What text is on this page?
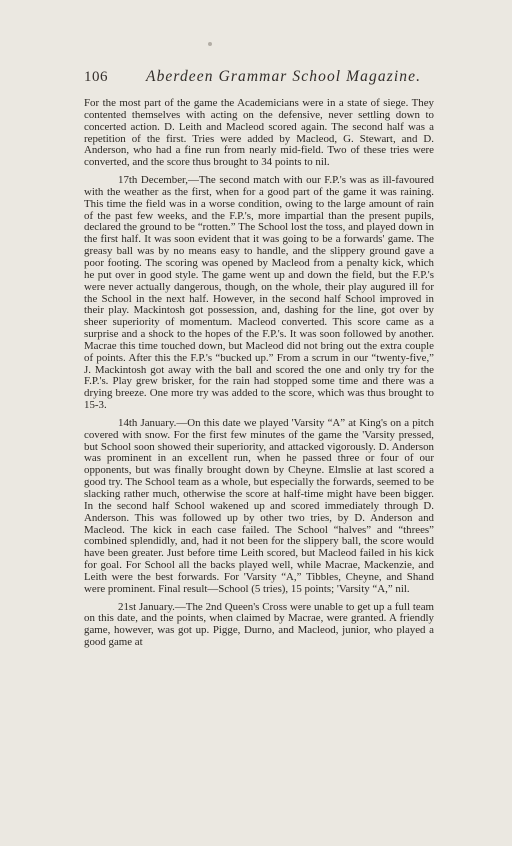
106	Aberdeen Grammar School Magazine.

For the most part of the game the Academicians were in a state of siege. They contented themselves with acting on the defensive, never settling down to concerted action. D. Leith and Macleod scored again. The second half was a repetition of the first. Tries were added by Macleod, G. Stewart, and D. Anderson, who had a fine run from nearly mid-field. Two of these tries were converted, and the score thus brought to 34 points to nil.

17th December,—The second match with our F.P.'s was as ill-favoured with the weather as the first, when for a good part of the game it was raining. This time the field was in a worse condition, owing to the large amount of rain of the past few weeks, and the F.P.'s, more impartial than the present pupils, declared the ground to be “rotten.” The School lost the toss, and played down in the first half. It was soon evident that it was going to be a forwards' game. The greasy ball was by no means easy to handle, and the slippery ground gave a poor footing. The scoring was opened by Macleod from a penalty kick, which he put over in good style. The game went up and down the field, but the F.P.'s were never actually dangerous, though, on the whole, their play augured ill for the School in the next half. However, in the second half School improved in their play. Mackintosh got possession, and, dashing for the line, got over by sheer superiority of momentum. Macleod converted. This score came as a surprise and a shock to the hopes of the F.P.'s. It was soon followed by another. Macrae this time touched down, but Macleod did not bring out the extra couple of points. After this the F.P.'s “bucked up.” From a scrum in our “twenty-five,” J. Mackintosh got away with the ball and scored the one and only try for the F.P.'s. Play grew brisker, for the rain had stopped some time and there was a drying breeze. One more try was added to the score, which was thus brought to 15-3.

14th January.—On this date we played 'Varsity “A” at King's on a pitch covered with snow. For the first few minutes of the game the 'Varsity pressed, but School soon showed their superiority, and attacked vigorously. D. Anderson was prominent in an excellent run, when he passed three or four of our opponents, but was finally brought down by Cheyne. Elmslie at last scored a good try. The School team as a whole, but especially the forwards, seemed to be slacking rather much, otherwise the score at half-time might have been bigger. In the second half School wakened up and scored immediately through D. Anderson. This was followed up by other two tries, by D. Anderson and Macleod. The kick in each case failed. The School “halves” and “threes” combined splendidly, and, had it not been for the slippery ball, the score would have been greater. Just before time Leith scored, but Macleod failed in his kick for goal. For School all the backs played well, while Macrae, Mackenzie, and Leith were the best forwards. For 'Varsity “A,” Tibbles, Cheyne, and Shand were prominent. Final result—School (5 tries), 15 points; 'Varsity “A,” nil.

21st January.—The 2nd Queen's Cross were unable to get up a full team on this date, and the points, when claimed by Macrae, were granted. A friendly game, however, was got up. Pigge, Durno, and Macleod, junior, who played a good game at
